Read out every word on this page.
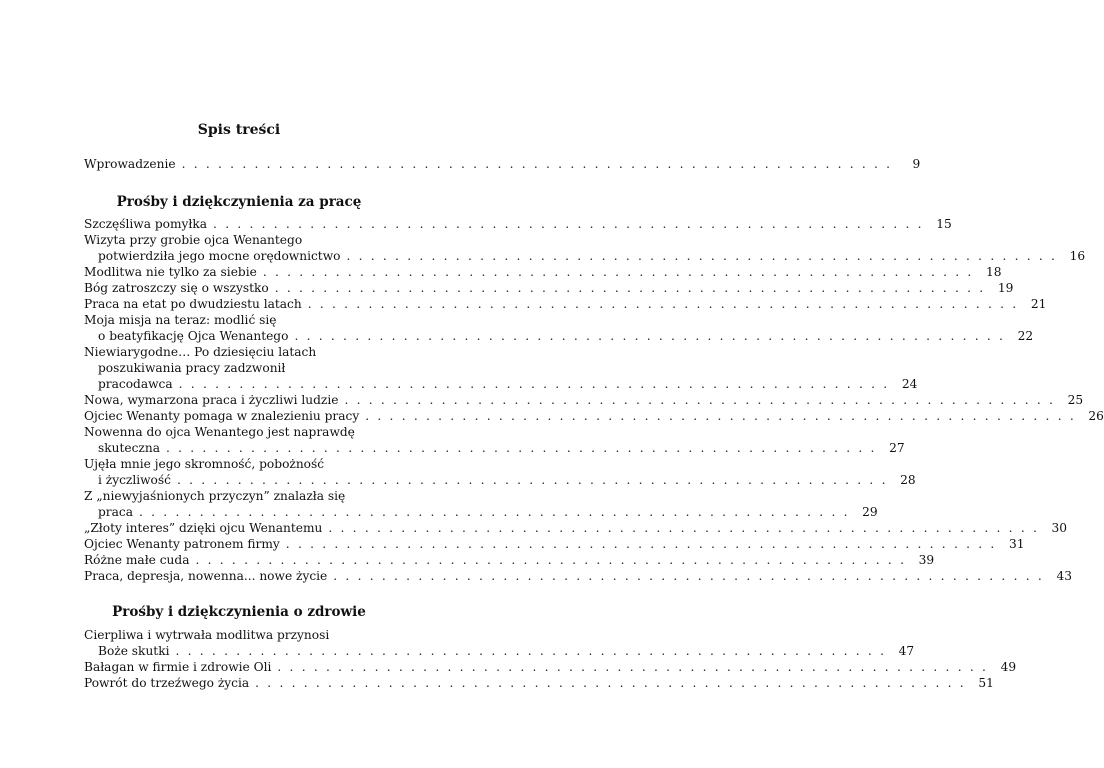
Spis treści
Wprowadzenie . . . . . . . . . . . . . . . . . . . . . . . . . . . . . . . . . . . . . . . . . . . . . . . . . . . . . . . . . . .	9
Prośby i dziękczynienia za pracę
Szczęśliwa pomyłka . . . . . . . . . . . . . . . . . . . . . . . . . . . . . . . . . . . . . . . . . . . . . . . . . . . . . . . . . . .	15
Wizyta przy grobie ojca Wenantego
potwierdziła jego mocne orędownictwo . . . . . . . . . . . . . . . . . . . . . . . . . . . . . . . . . . . . . . . . . . . . . . . . . . . . . . . . . . .	16
Modlitwa nie tylko za siebie . . . . . . . . . . . . . . . . . . . . . . . . . . . . . . . . . . . . . . . . . . . . . . . . . . . . . . . . . . .	18
Bóg zatroszczy się o wszystko . . . . . . . . . . . . . . . . . . . . . . . . . . . . . . . . . . . . . . . . . . . . . . . . . . . . . . . . . . .	19
Praca na etat po dwudziestu latach . . . . . . . . . . . . . . . . . . . . . . . . . . . . . . . . . . . . . . . . . . . . . . . . . . . . . . . . . . .	21
Moja misja na teraz: modlić się
o beatyfikację Ojca Wenantego . . . . . . . . . . . . . . . . . . . . . . . . . . . . . . . . . . . . . . . . . . . . . . . . . . . . . . . . . . .	22
Niewiarygodne… Po dziesięciu latach
poszukiwania pracy zadzwonił
pracodawca . . . . . . . . . . . . . . . . . . . . . . . . . . . . . . . . . . . . . . . . . . . . . . . . . . . . . . . . . . .	24
Nowa, wymarzona praca i życzliwi ludzie . . . . . . . . . . . . . . . . . . . . . . . . . . . . . . . . . . . . . . . . . . . . . . . . . . . . . . . . . . .	25
Ojciec Wenanty pomaga w znalezieniu pracy . . . . . . . . . . . . . . . . . . . . . . . . . . . . . . . . . . . . . . . . . . . . . . . . . . . . . . . . . . .	26
Nowenna do ojca Wenantego jest naprawdę
skuteczna . . . . . . . . . . . . . . . . . . . . . . . . . . . . . . . . . . . . . . . . . . . . . . . . . . . . . . . . . . .	27
Ujęła mnie jego skromność, pobożność
i życzliwość . . . . . . . . . . . . . . . . . . . . . . . . . . . . . . . . . . . . . . . . . . . . . . . . . . . . . . . . . . .	28
Z „niewyjaśnionych przyczyn” znalazła się
praca . . . . . . . . . . . . . . . . . . . . . . . . . . . . . . . . . . . . . . . . . . . . . . . . . . . . . . . . . . .	29
„Złoty interes” dzięki ojcu Wenantemu . . . . . . . . . . . . . . . . . . . . . . . . . . . . . . . . . . . . . . . . . . . . . . . . . . . . . . . . . . .	30
Ojciec Wenanty patronem firmy . . . . . . . . . . . . . . . . . . . . . . . . . . . . . . . . . . . . . . . . . . . . . . . . . . . . . . . . . . .	31
Różne małe cuda . . . . . . . . . . . . . . . . . . . . . . . . . . . . . . . . . . . . . . . . . . . . . . . . . . . . . . . . . . .	39
Praca, depresja, nowenna... nowe życie . . . . . . . . . . . . . . . . . . . . . . . . . . . . . . . . . . . . . . . . . . . . . . . . . . . . . . . . . . .	43
Prośby i dziękczynienia o zdrowie
Cierpliwa i wytrwała modlitwa przynosi
Boże skutki . . . . . . . . . . . . . . . . . . . . . . . . . . . . . . . . . . . . . . . . . . . . . . . . . . . . . . . . . . .	47
Bałagan w firmie i zdrowie Oli . . . . . . . . . . . . . . . . . . . . . . . . . . . . . . . . . . . . . . . . . . . . . . . . . . . . . . . . . . .	49
Powrót do trzeźwego życia . . . . . . . . . . . . . . . . . . . . . . . . . . . . . . . . . . . . . . . . . . . . . . . . . . . . . . . . . . .	51
